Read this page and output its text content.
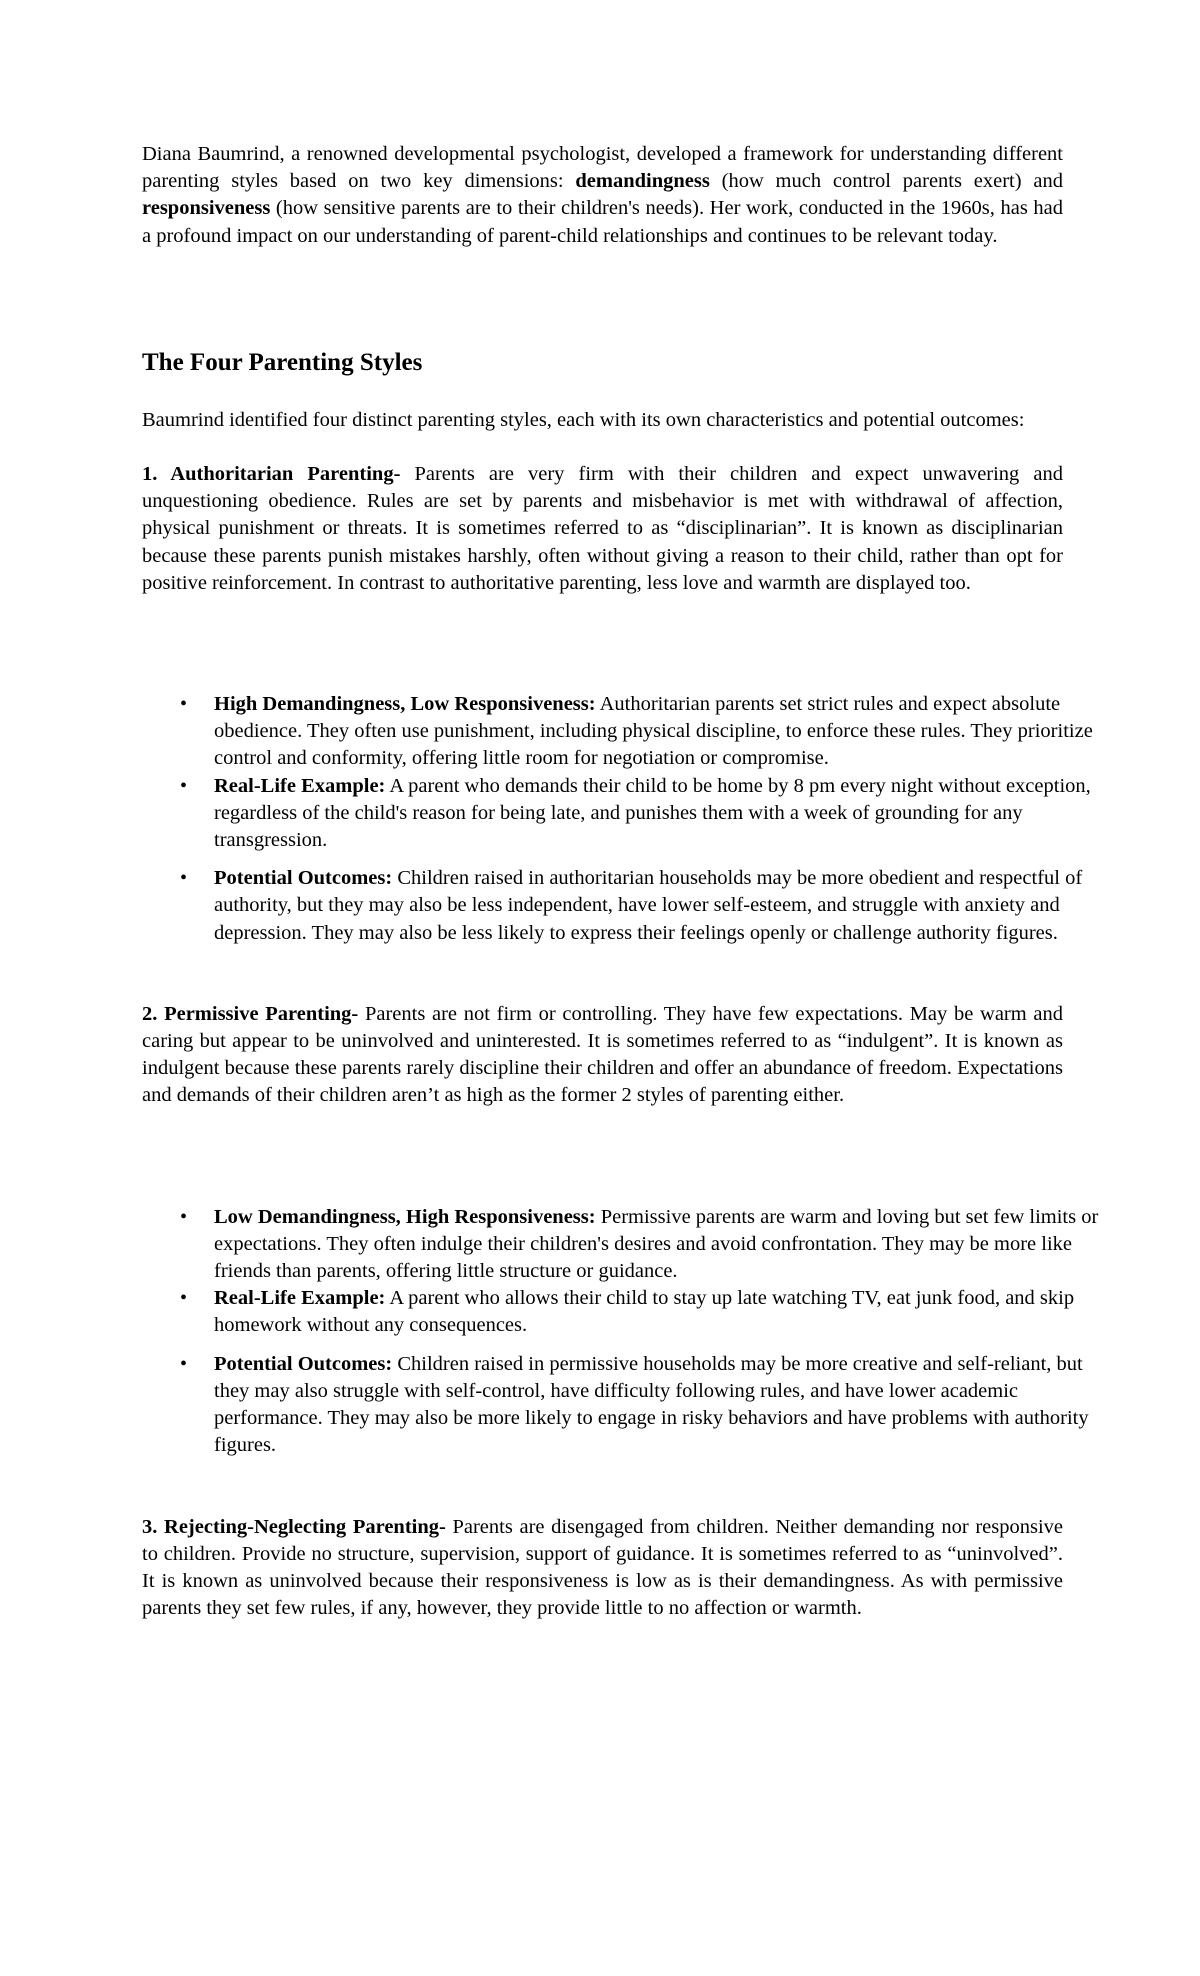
Diana Baumrind, a renowned developmental psychologist, developed a framework for understanding different parenting styles based on two key dimensions: demandingness (how much control parents exert) and responsiveness (how sensitive parents are to their children's needs). Her work, conducted in the 1960s, has had a profound impact on our understanding of parent-child relationships and continues to be relevant today.

The Four Parenting Styles

Baumrind identified four distinct parenting styles, each with its own characteristics and potential outcomes:

1. Authoritarian Parenting- Parents are very firm with their children and expect unwavering and unquestioning obedience. Rules are set by parents and misbehavior is met with withdrawal of affection, physical punishment or threats. It is sometimes referred to as “disciplinarian”. It is known as disciplinarian because these parents punish mistakes harshly, often without giving a reason to their child, rather than opt for positive reinforcement. In contrast to authoritative parenting, less love and warmth are displayed too.

• High Demandingness, Low Responsiveness: Authoritarian parents set strict rules and expect absolute obedience. They often use punishment, including physical discipline, to enforce these rules. They prioritize control and conformity, offering little room for negotiation or compromise.
• Real-Life Example: A parent who demands their child to be home by 8 pm every night without exception, regardless of the child's reason for being late, and punishes them with a week of grounding for any transgression.
• Potential Outcomes: Children raised in authoritarian households may be more obedient and respectful of authority, but they may also be less independent, have lower self-esteem, and struggle with anxiety and depression. They may also be less likely to express their feelings openly or challenge authority figures.

2. Permissive Parenting- Parents are not firm or controlling. They have few expectations. May be warm and caring but appear to be uninvolved and uninterested. It is sometimes referred to as “indulgent”. It is known as indulgent because these parents rarely discipline their children and offer an abundance of freedom. Expectations and demands of their children aren’t as high as the former 2 styles of parenting either.

• Low Demandingness, High Responsiveness: Permissive parents are warm and loving but set few limits or expectations. They often indulge their children's desires and avoid confrontation. They may be more like friends than parents, offering little structure or guidance.
• Real-Life Example: A parent who allows their child to stay up late watching TV, eat junk food, and skip homework without any consequences.
• Potential Outcomes: Children raised in permissive households may be more creative and self-reliant, but they may also struggle with self-control, have difficulty following rules, and have lower academic performance. They may also be more likely to engage in risky behaviors and have problems with authority figures.

3. Rejecting-Neglecting Parenting- Parents are disengaged from children. Neither demanding nor responsive to children. Provide no structure, supervision, support of guidance. It is sometimes referred to as “uninvolved”. It is known as uninvolved because their responsiveness is low as is their demandingness. As with permissive parents they set few rules, if any, however, they provide little to no affection or warmth.
